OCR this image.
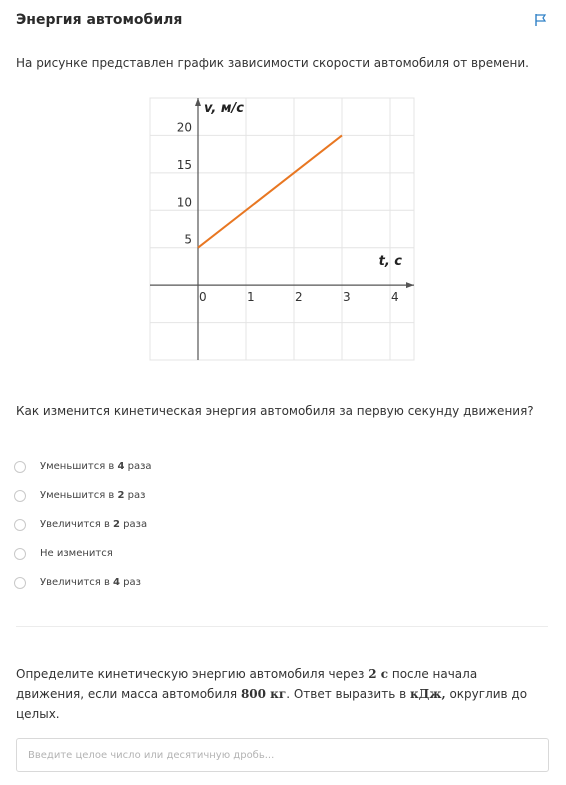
Энергия автомобиля
На рисунке представлен график зависимости скорости автомобиля от времени.
0	1	2	3	4
5
10
15
20
v, м/с
t, с
Как изменится кинетическая энергия автомобиля за первую секунду движения?
Уменьшится в 4 раза
Уменьшится в 2 раз
Увеличится в 2 раза
Не изменится
Увеличится в 4 раз
Определите кинетическую энергию автомобиля через 2 с после начала движения, если масса автомобиля 800 кг. Ответ выразить в кДж, округлив до целых.
Введите целое число или десятичную дробь...
